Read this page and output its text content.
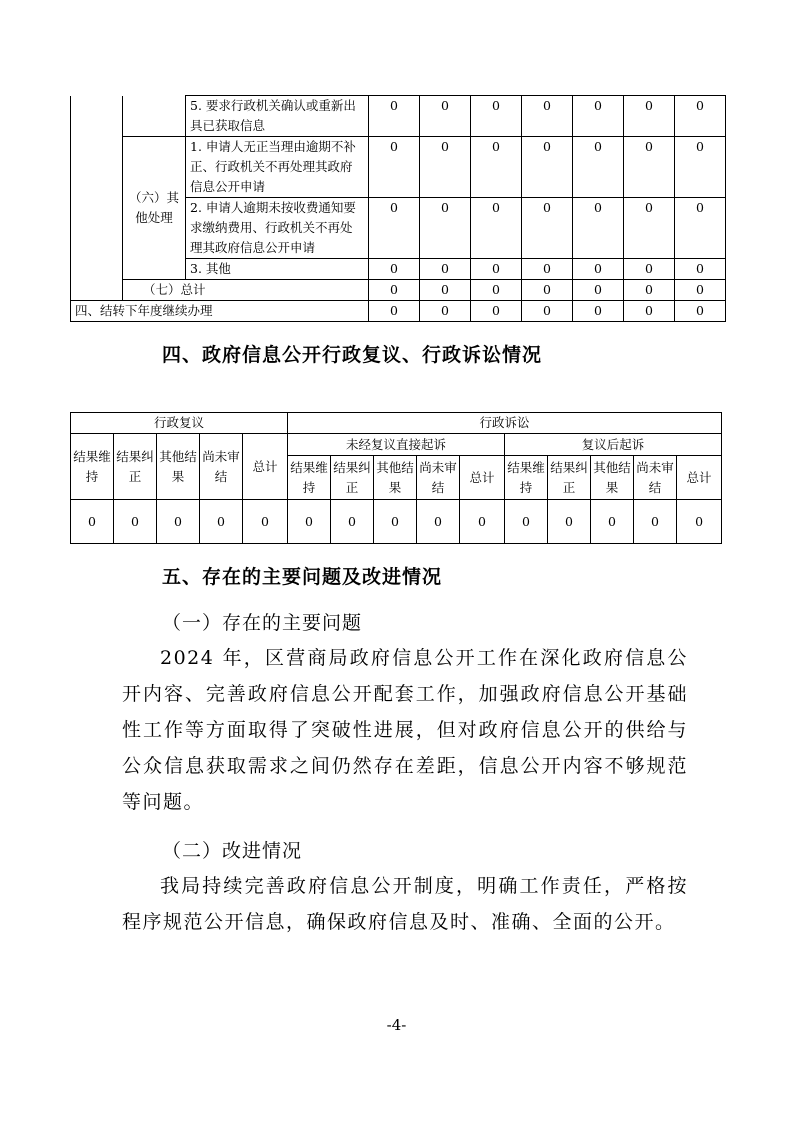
		5. 要求行政机关确认或重新出具已获取信息	0	0	0	0	0	0	0
	（六）其他处理	1. 申请人无正当理由逾期不补正、行政机关不再处理其政府信息公开申请	0	0	0	0	0	0	0
		2. 申请人逾期未按收费通知要求缴纳费用、行政机关不再处理其政府信息公开申请	0	0	0	0	0	0	0
		3. 其他	0	0	0	0	0	0	0
	（七）总计		0	0	0	0	0	0	0
四、结转下年度继续办理			0	0	0	0	0	0	0
四、政府信息公开行政复议、行政诉讼情况
行政复议					行政诉讼									
结果维持	结果纠正	其他结果	尚未审结	总计	未经复议直接起诉					复议后起诉				
					结果维持	结果纠正	其他结果	尚未审结	总计	结果维持	结果纠正	其他结果	尚未审结	总计
0	0	0	0	0	0	0	0	0	0	0	0	0	0	0
五、存在的主要问题及改进情况
（一）存在的主要问题
2024 年，区营商局政府信息公开工作在深化政府信息公开内容、完善政府信息公开配套工作，加强政府信息公开基础性工作等方面取得了突破性进展，但对政府信息公开的供给与公众信息获取需求之间仍然存在差距，信息公开内容不够规范等问题。
（二）改进情况
我局持续完善政府信息公开制度，明确工作责任，严格按程序规范公开信息，确保政府信息及时、准确、全面的公开。
-4-
